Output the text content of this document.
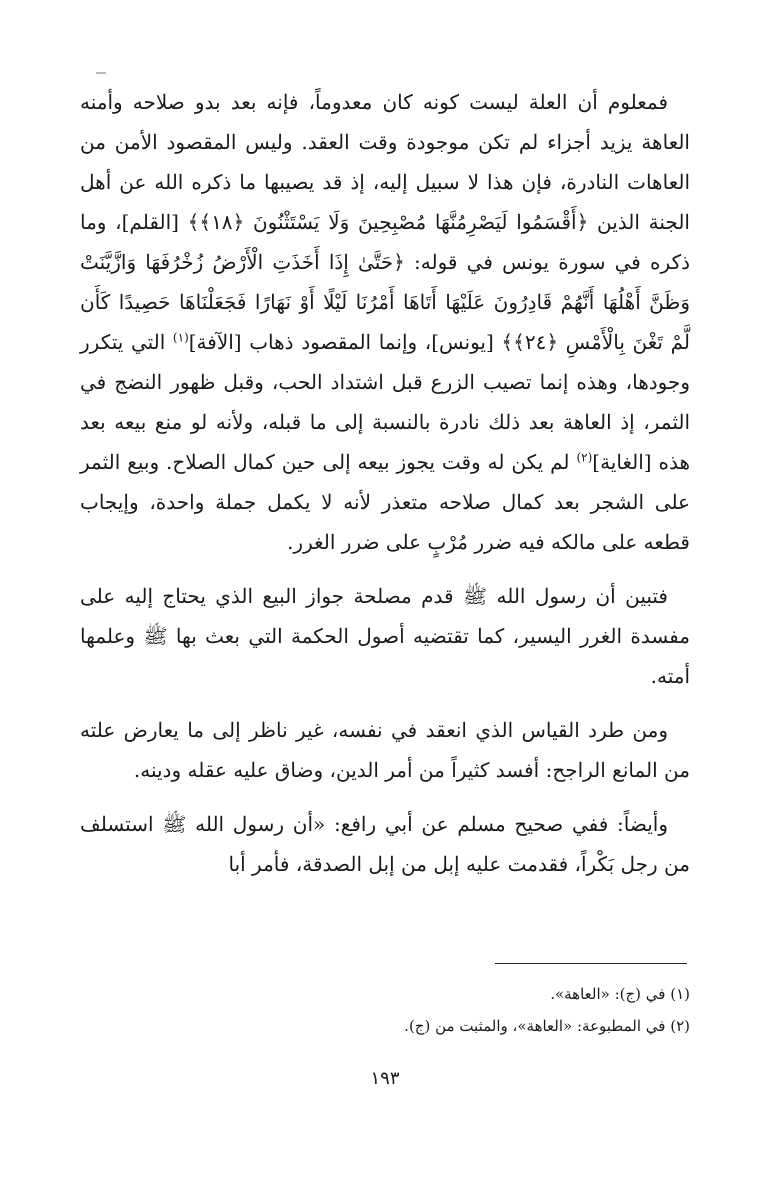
فمعلوم أن العلة ليست كونه كان معدوماً، فإنه بعد بدو صلاحه وأمنه العاهة يزيد أجزاء لم تكن موجودة وقت العقد. وليس المقصود الأمن من العاهات النادرة، فإن هذا لا سبيل إليه، إذ قد يصيبها ما ذكره الله عن أهل الجنة الذين ﴿أَقْسَمُوا لَيَصْرِمُنَّهَا مُصْبِحِينَ وَلَا يَسْتَثْنُونَ ﴿١٨﴾﴾ [القلم]، وما ذكره في سورة يونس في قوله: ﴿حَتَّىٰ إِذَا أَخَذَتِ الْأَرْضُ زُخْرُفَهَا وَازَّيَّنَتْ وَظَنَّ أَهْلُهَا أَنَّهُمْ قَادِرُونَ عَلَيْهَا أَتَاهَا أَمْرُنَا لَيْلًا أَوْ نَهَارًا فَجَعَلْنَاهَا حَصِيدًا كَأَن لَّمْ تَغْنَ بِالْأَمْسِ ﴿٢٤﴾﴾ [يونس]، وإنما المقصود ذهاب [الآفة]$^{(١)}$ التي يتكرر وجودها، وهذه إنما تصيب الزرع قبل اشتداد الحب، وقبل ظهور النضج في الثمر، إذ العاهة بعد ذلك نادرة بالنسبة إلى ما قبله، ولأنه لو منع بيعه بعد هذه [الغاية]$^{(٢)}$ لم يكن له وقت يجوز بيعه إلى حين كمال الصلاح. وبيع الثمر على الشجر بعد كمال صلاحه متعذر لأنه لا يكمل جملة واحدة، وإيجاب قطعه على مالكه فيه ضرر مُرْبٍ على ضرر الغرر.

فتبين أن رسول الله ﷺ قدم مصلحة جواز البيع الذي يحتاج إليه على مفسدة الغرر اليسير، كما تقتضيه أصول الحكمة التي بعث بها ﷺ وعلمها أمته.

ومن طرد القياس الذي انعقد في نفسه، غير ناظر إلى ما يعارض علته من المانع الراجح: أفسد كثيراً من أمر الدين، وضاق عليه عقله ودينه.

وأيضاً: ففي صحيح مسلم عن أبي رافع: «أن رسول الله ﷺ استسلف من رجل بَكْراً، فقدمت عليه إبل من إبل الصدقة، فأمر أبا

(١) في (ج): «العاهة».
(٢) في المطبوعة: «العاهة»، والمثبت من (ج).
١٩٣
